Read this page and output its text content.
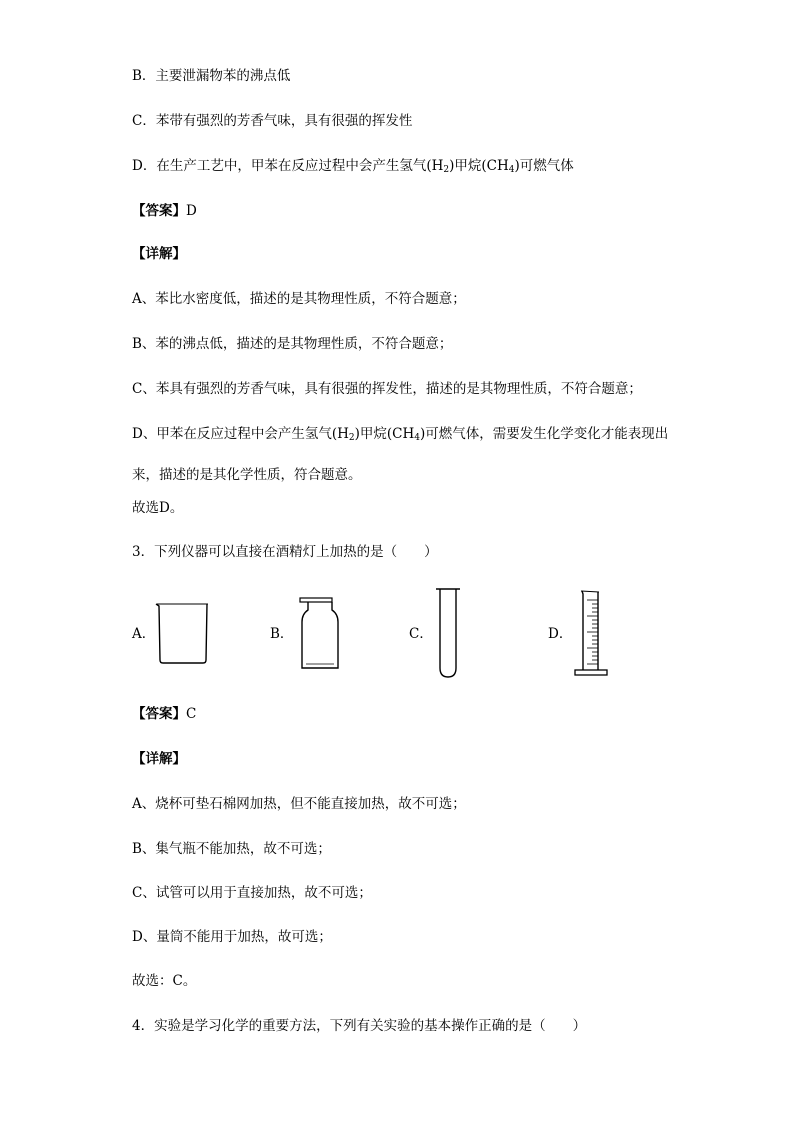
B．主要泄漏物苯的沸点低
C．苯带有强烈的芳香气味，具有很强的挥发性
D．在生产工艺中，甲苯在反应过程中会产生氢气$(H_2)$甲烷$(CH_4)$可燃气体
【答案】D
【详解】
A、苯比水密度低，描述的是其物理性质，不符合题意；
B、苯的沸点低，描述的是其物理性质，不符合题意；
C、苯具有强烈的芳香气味，具有很强的挥发性，描述的是其物理性质，不符合题意；
D、甲苯在反应过程中会产生氢气$(H_2)$甲烷$(CH_4)$可燃气体，需要发生化学变化才能表现出来，描述的是其化学性质，符合题意。
故选D。
3．下列仪器可以直接在酒精灯上加热的是（　　）
A．	B．	C．	D．
【答案】C
【详解】
A、烧杯可垫石棉网加热，但不能直接加热，故不可选；
B、集气瓶不能加热，故不可选；
C、试管可以用于直接加热，故不可选；
D、量筒不能用于加热，故可选；
故选：C。
4．实验是学习化学的重要方法，下列有关实验的基本操作正确的是（　　）
